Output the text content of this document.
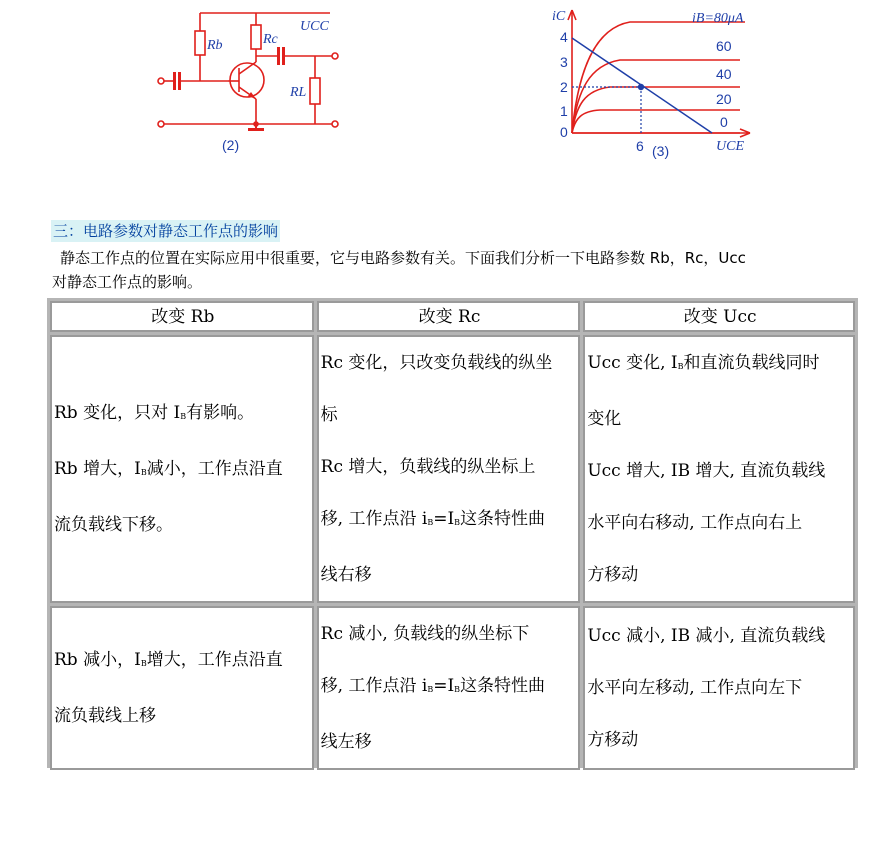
Rb	Rc
UCC
RL
(2)
iC	iB=80μA
60
40
20
0
4
3
2
1
0
6 (3)	UCE
三：电路参数对静态工作点的影响
静态工作点的位置在实际应用中很重要，它与电路参数有关。下面我们分析一下电路参数 Rb，Rc，Ucc
对静态工作点的影响。
改变 Rb	改变 Rc	改变 Ucc

Rb 变化，只对 $I_B$有影响。
Rb 增大，$I_B$减小，工作点沿直
流负载线下移。	Rc 变化，只改变负载线的纵坐
标
Rc 增大，负载线的纵坐标上
移, 工作点沿 $i_B=I_B$这条特性曲
线右移	Ucc 变化, $I_B$和直流负载线同时
变化
Ucc 增大, IB 增大, 直流负载线
水平向右移动, 工作点向右上
方移动

Rb 减小，$I_B$增大，工作点沿直
流负载线上移	Rc 减小, 负载线的纵坐标下
移, 工作点沿 $i_B=I_B$这条特性曲
线左移	Ucc 减小, IB 减小, 直流负载线
水平向左移动, 工作点向左下
方移动
